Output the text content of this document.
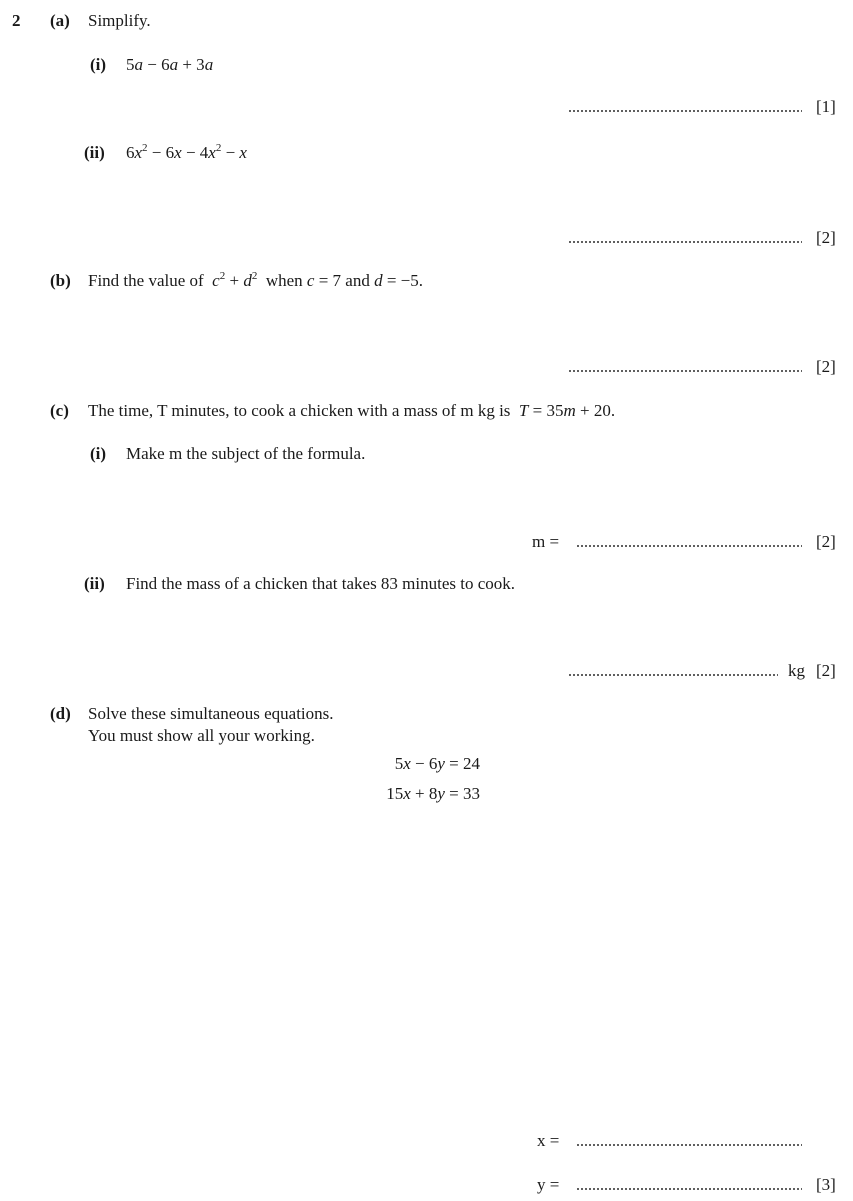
2 (a) Simplify.
(i) 5a − 6a + 3a
[1]
(ii) $6x^2 - 6x - 4x^2 - x$
[2]
(b) Find the value of $c^2 + d^2$ when c = 7 and d = −5.
[2]
(c) The time, T minutes, to cook a chicken with a mass of m kg is T = 35m + 20.
(i) Make m the subject of the formula.
m =	[2]
(ii) Find the mass of a chicken that takes 83 minutes to cook.
kg [2]
(d) Solve these simultaneous equations.
You must show all your working.
5x − 6y = 24
15x + 8y = 33
x =
y =	[3]
